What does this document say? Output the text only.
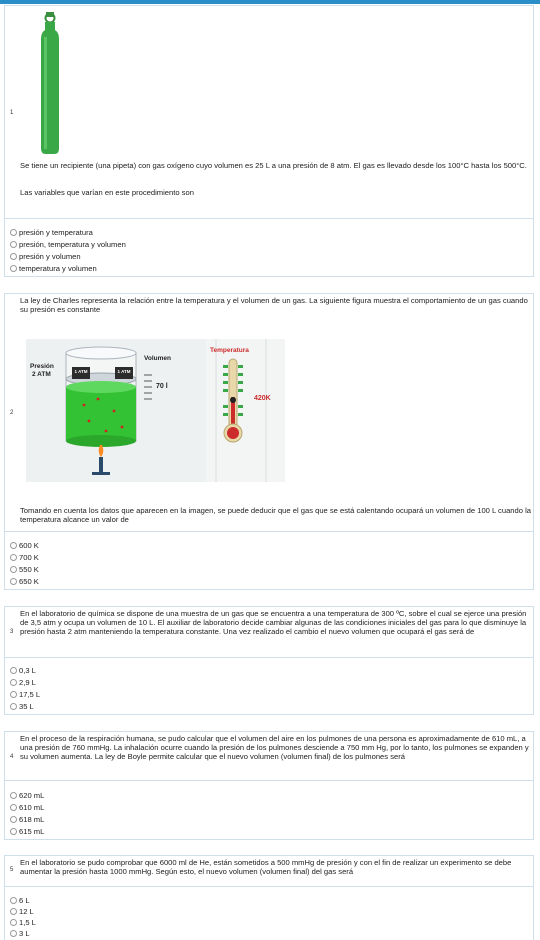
1
Se tiene un recipiente (una pipeta) con gas oxígeno cuyo volumen es 25 L a una presión de 8 atm. El gas es llevado desde los 100°C hasta los 500°C.
Las variables que varían en este procedimiento son
presión y temperatura
presión, temperatura y volumen
presión y volumen
temperatura y volumen
2
La ley de Charles representa la relación entre la temperatura y el volumen de un gas. La siguiente figura muestra el comportamiento de un gas cuando su presión es constante
Tomando en cuenta los datos que aparecen en la imagen, se puede deducir que el gas que se está calentando ocupará un volumen de 100 L cuando la temperatura alcance un valor de
600 K
700 K
550 K
650 K
Presión
2 ATM	1 ATM	1 ATM
Volumen
70 l
Temperatura
420K
3
En el laboratorio de química se dispone de una muestra de un gas que se encuentra a una temperatura de 300 ºC, sobre el cual se ejerce una presión de 3,5 atm y ocupa un volumen de 10 L. El auxiliar de laboratorio decide cambiar algunas de las condiciones iniciales del gas para lo que disminuye la presión hasta 2 atm manteniendo la temperatura constante. Una vez realizado el cambio el nuevo volumen que ocupará el gas será de
0,3 L
2,9 L
17,5 L
35 L
4
En el proceso de la respiración humana, se pudo calcular que el volumen del aire en los pulmones de una persona es aproximadamente de 610 mL, a una presión de 760 mmHg. La inhalación ocurre cuando la presión de los pulmones desciende a 750 mm Hg, por lo tanto, los pulmones se expanden y su volumen aumenta. La ley de Boyle permite calcular que el nuevo volumen (volumen final) de los pulmones será
620 mL
610 mL
618 mL
615 mL
5
En el laboratorio se pudo comprobar que 6000 ml de He, están sometidos a 500 mmHg de presión y con el fin de realizar un experimento se debe aumentar la presión hasta 1000 mmHg. Según esto, el nuevo volumen (volumen final) del gas será
6 L
12 L
1,5 L
3 L
